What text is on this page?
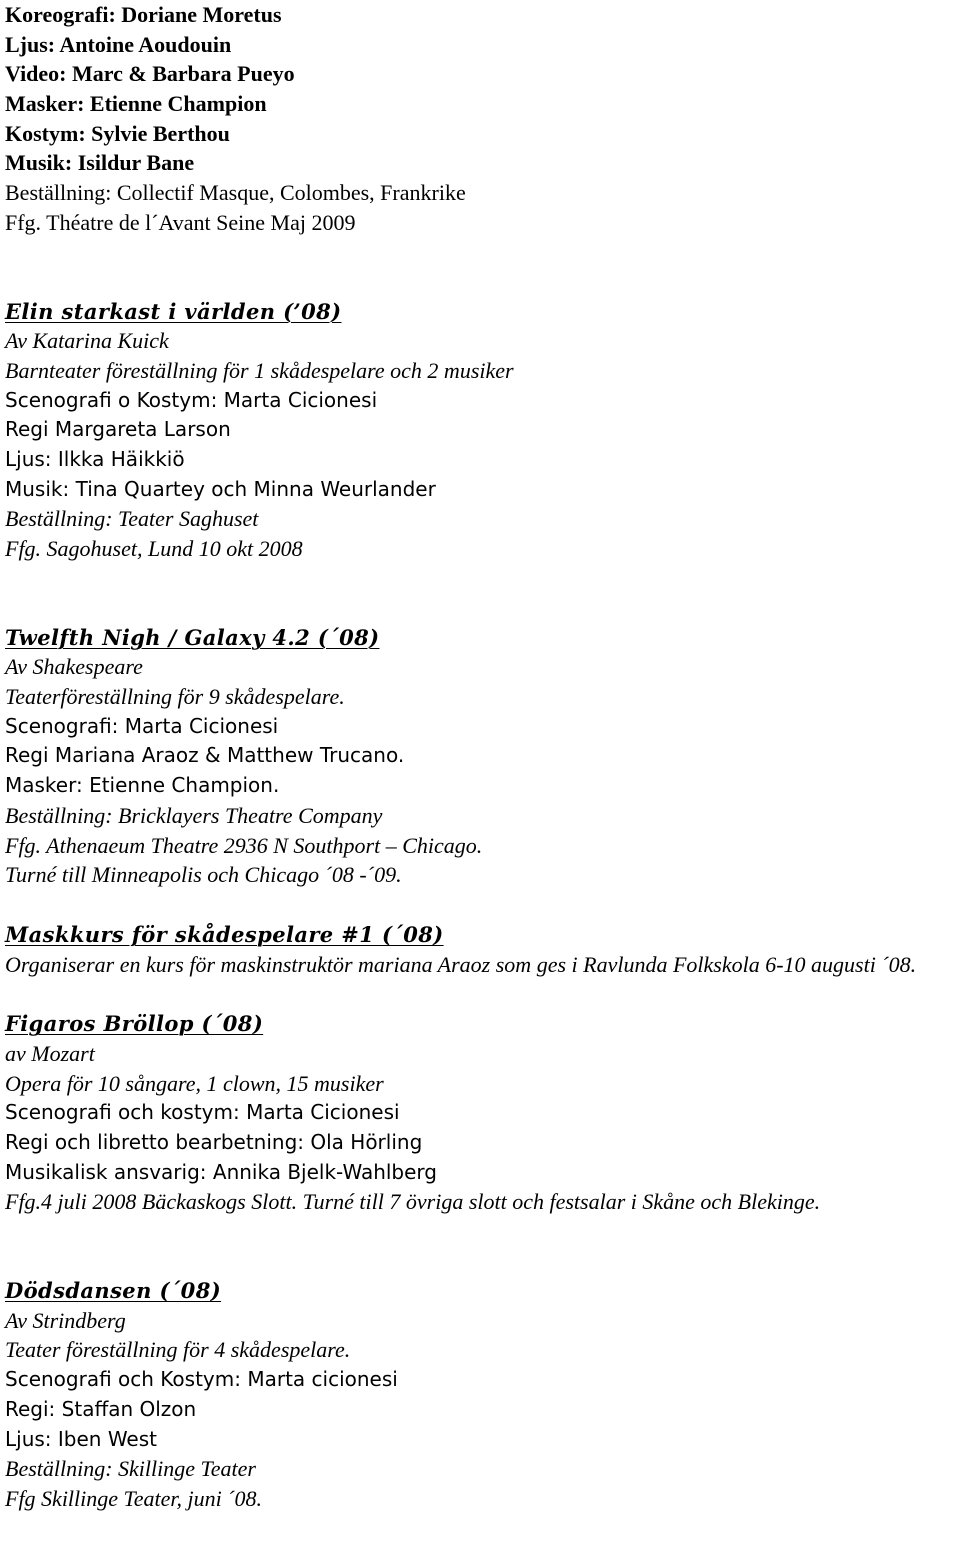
Koreografi: Doriane Moretus
Ljus: Antoine Aoudouin
Video: Marc & Barbara Pueyo
Masker: Etienne Champion
Kostym: Sylvie Berthou
Musik: Isildur Bane
Beställning: Collectif Masque, Colombes, Frankrike
Ffg. Théatre de l´Avant Seine Maj 2009
Elin starkast i världen (’08)
Av Katarina Kuick
Barnteater föreställning för 1 skådespelare och 2 musiker
Scenografi o Kostym: Marta Cicionesi
Regi Margareta Larson
Ljus: Ilkka Häikkiö
Musik: Tina Quartey och Minna Weurlander
Beställning: Teater Saghuset
Ffg. Sagohuset, Lund 10 okt 2008
Twelfth Nigh / Galaxy 4.2 (´08)
Av Shakespeare
Teaterföreställning för 9 skådespelare.
Scenografi: Marta Cicionesi
Regi Mariana Araoz & Matthew Trucano.
Masker: Etienne Champion.
Beställning: Bricklayers Theatre Company
Ffg. Athenaeum Theatre 2936 N Southport – Chicago.
Turné till Minneapolis och Chicago ´08 -´09.
Maskkurs för skådespelare #1 (´08)
Organiserar en kurs för maskinstruktör mariana Araoz som ges i Ravlunda Folkskola 6-10 augusti ´08.
Figaros Bröllop (´08)
av Mozart
Opera för 10 sångare, 1 clown, 15 musiker
Scenografi och kostym: Marta Cicionesi
Regi och libretto bearbetning: Ola Hörling
Musikalisk ansvarig: Annika Bjelk-Wahlberg
Ffg.4 juli 2008 Bäckaskogs Slott. Turné till 7 övriga slott och festsalar i Skåne och Blekinge.
Dödsdansen (´08)
Av Strindberg
Teater föreställning för 4 skådespelare.
Scenografi och Kostym: Marta cicionesi
Regi: Staffan Olzon
Ljus: Iben West
Beställning: Skillinge Teater
Ffg Skillinge Teater, juni ´08.
